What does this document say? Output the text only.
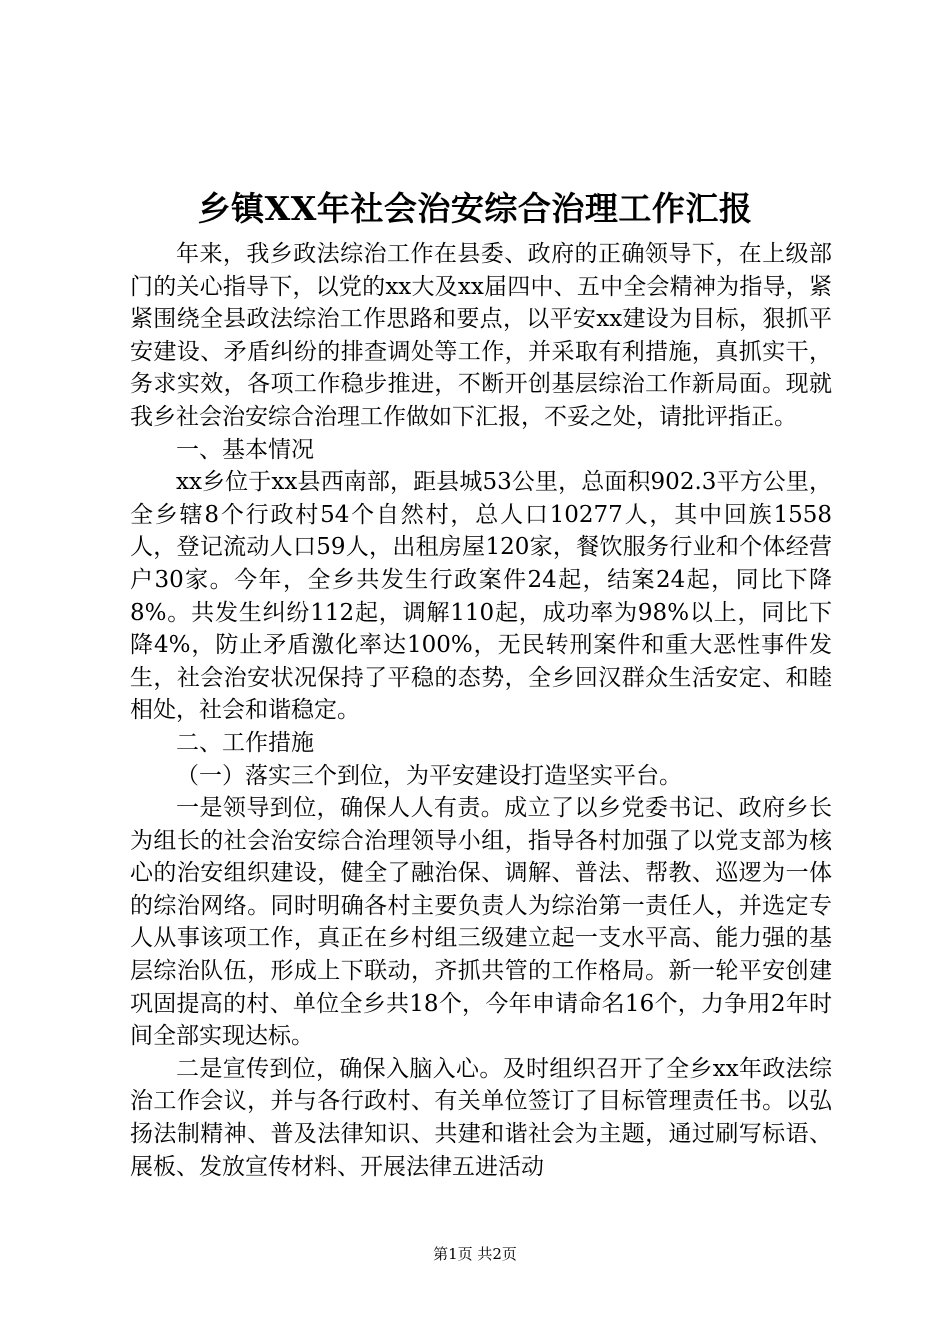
乡镇XX年社会治安综合治理工作汇报

年来，我乡政法综治工作在县委、政府的正确领导下，在上级部门的关心指导下，以党的xx大及xx届四中、五中全会精神为指导，紧紧围绕全县政法综治工作思路和要点，以平安xx建设为目标，狠抓平安建设、矛盾纠纷的排查调处等工作，并采取有利措施，真抓实干，务求实效，各项工作稳步推进，不断开创基层综治工作新局面。现就我乡社会治安综合治理工作做如下汇报，不妥之处，请批评指正。

一、基本情况

xx乡位于xx县西南部，距县城53公里，总面积902.3平方公里，全乡辖8个行政村54个自然村，总人口10277人，其中回族1558人，登记流动人口59人，出租房屋120家，餐饮服务行业和个体经营户30家。今年，全乡共发生行政案件24起，结案24起，同比下降8%。共发生纠纷112起，调解110起，成功率为98%以上，同比下降4%，防止矛盾激化率达100%，无民转刑案件和重大恶性事件发生，社会治安状况保持了平稳的态势，全乡回汉群众生活安定、和睦相处，社会和谐稳定。

二、工作措施

（一）落实三个到位，为平安建设打造坚实平台。

一是领导到位，确保人人有责。成立了以乡党委书记、政府乡长为组长的社会治安综合治理领导小组，指导各村加强了以党支部为核心的治安组织建设，健全了融治保、调解、普法、帮教、巡逻为一体的综治网络。同时明确各村主要负责人为综治第一责任人，并选定专人从事该项工作，真正在乡村组三级建立起一支水平高、能力强的基层综治队伍，形成上下联动，齐抓共管的工作格局。新一轮平安创建巩固提高的村、单位全乡共18个，今年申请命名16个，力争用2年时间全部实现达标。

二是宣传到位，确保入脑入心。及时组织召开了全乡xx年政法综治工作会议，并与各行政村、有关单位签订了目标管理责任书。以弘扬法制精神、普及法律知识、共建和谐社会为主题，通过刷写标语、展板、发放宣传材料、开展法律五进活动

第1页 共2页
